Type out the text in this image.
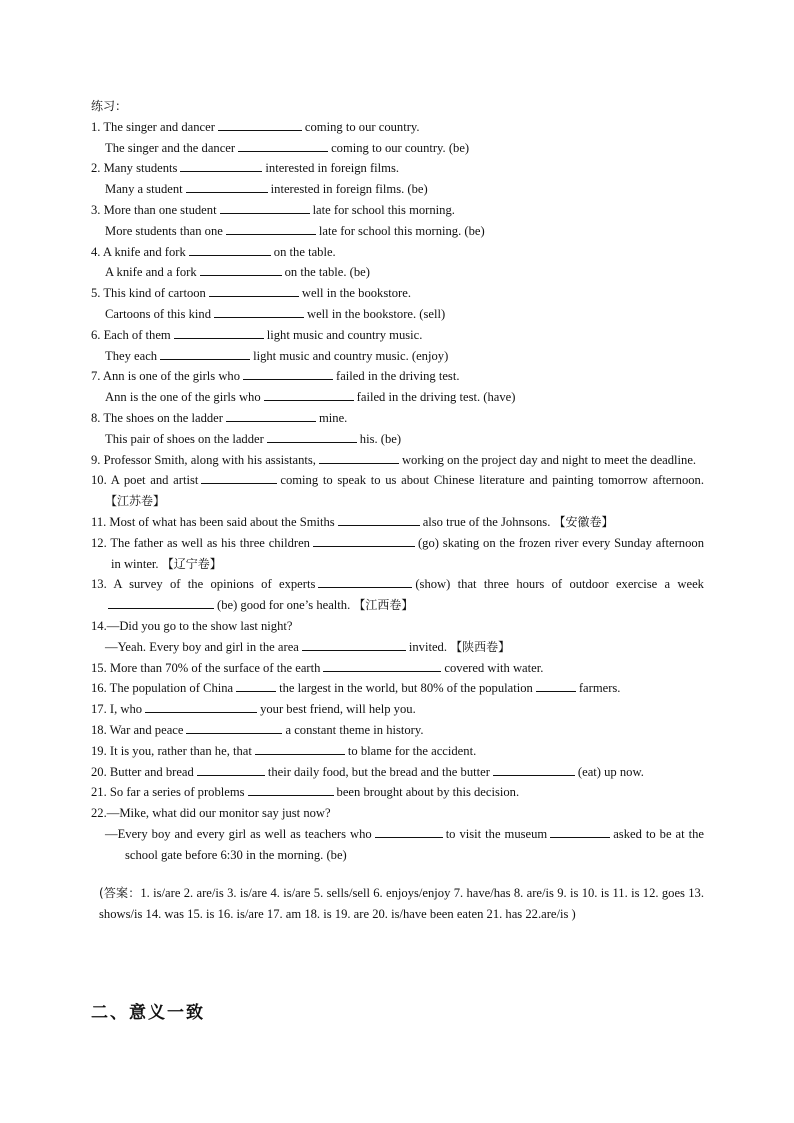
练习：
1. The singer and dancer	coming to our country.
The singer and the dancer	coming to our country. (be)
2. Many students	interested in foreign films.
Many a student	interested in foreign films. (be)
3. More than one student	late for school this morning.
More students than one	late for school this morning. (be)
4. A knife and fork	on the table.
A knife and a fork	on the table. (be)
5. This kind of cartoon	well in the bookstore.
Cartoons of this kind	well in the bookstore. (sell)
6. Each of them	light music and country music.
They each	light music and country music. (enjoy)
7. Ann is one of the girls who	failed in the driving test.
Ann is the one of the girls who	failed in the driving test. (have)
8. The shoes on the ladder	mine.
This pair of shoes on the ladder	his. (be)
9. Professor Smith, along with his assistants,	working on the project day and night to meet the deadline.
10. A poet and artist	coming to speak to us about Chinese literature and painting tomorrow afternoon. 【江苏卷】
11. Most of what has been said about the Smiths	also true of the Johnsons. 【安徽卷】
12. The father as well as his three children	(go) skating on the frozen river every Sunday afternoon in winter. 【辽宁卷】
13. A survey of the opinions of experts	(show) that three hours of outdoor exercise a week (be) good for one’s health. 【江西卷】
14.—Did you go to the show last night?
—Yeah. Every boy and girl in the area	invited. 【陕西卷】
15. More than 70% of the surface of the earth	covered with water.
16. The population of China	the largest in the world, but 80% of the population	farmers.
17. I, who	your best friend, will help you.
18. War and peace	a constant theme in history.
19. It is you, rather than he, that	to blame for the accident.
20. Butter and bread	their daily food, but the bread and the butter	(eat) up now.
21. So far a series of problems	been brought about by this decision.
22.—Mike, what did our monitor say just now?
—Every boy and every girl as well as teachers who	to visit the museum	asked to be at the school gate before 6:30 in the morning. (be)
(答案：1. is/are 2. are/is 3. is/are 4. is/are 5. sells/sell 6. enjoys/enjoy 7. have/has 8. are/is 9. is 10. is 11. is 12. goes 13. shows/is 14. was 15. is 16. is/are 17. am 18. is 19. are 20. is/have been eaten 21. has 22.are/is )
二、意义一致
